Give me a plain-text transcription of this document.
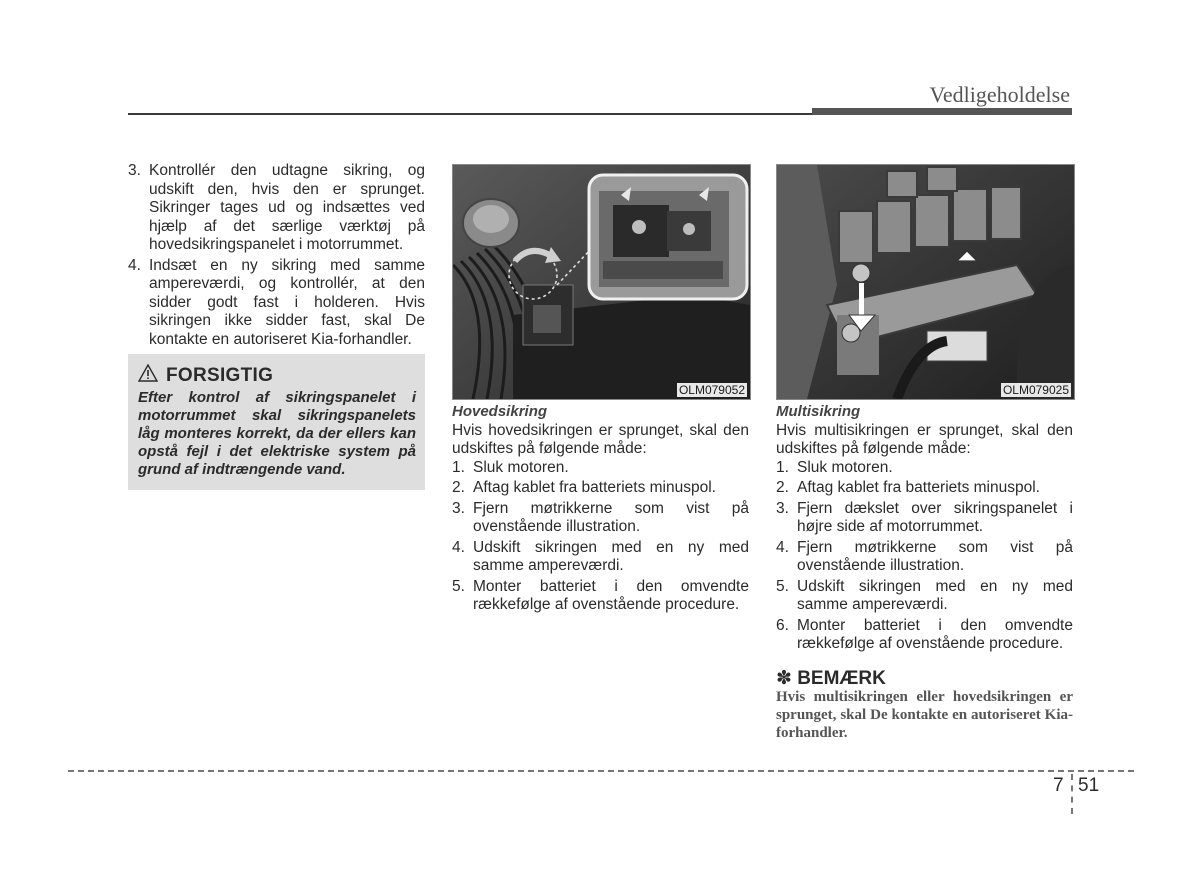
Vedligeholdelse
3. Kontrollér den udtagne sikring, og udskift den, hvis den er sprunget. Sikringer tages ud og indsættes ved hjælp af det særlige værktøj på hovedsikringspanelet i motorrummet.
4. Indsæt en ny sikring med samme ampereværdi, og kontrollér, at den sidder godt fast i holderen. Hvis sikringen ikke sidder fast, skal De kontakte en autoriseret Kia-forhandler.
FORSIGTIG
Efter kontrol af sikringspanelet i motorrummet skal sikringspanelets låg monteres korrekt, da der ellers kan opstå fejl i det elektriske system på grund af indtrængende vand.
OLM079052	OLM079025
Hovedsikring
Hvis hovedsikringen er sprunget, skal den udskiftes på følgende måde:
1. Sluk motoren.
2. Aftag kablet fra batteriets minuspol.
3. Fjern møtrikkerne som vist på ovenstående illustration.
4. Udskift sikringen med en ny med samme ampereværdi.
5. Monter batteriet i den omvendte rækkefølge af ovenstående procedure.
Multisikring
Hvis multisikringen er sprunget, skal den udskiftes på følgende måde:
1. Sluk motoren.
2. Aftag kablet fra batteriets minuspol.
3. Fjern dækslet over sikringspanelet i højre side af motorrummet.
4. Fjern møtrikkerne som vist på ovenstående illustration.
5. Udskift sikringen med en ny med samme ampereværdi.
6. Monter batteriet i den omvendte rækkefølge af ovenstående procedure.
✽ BEMÆRK
Hvis multisikringen eller hovedsikringen er sprunget, skal De kontakte en autoriseret Kia-forhandler.
7 51
